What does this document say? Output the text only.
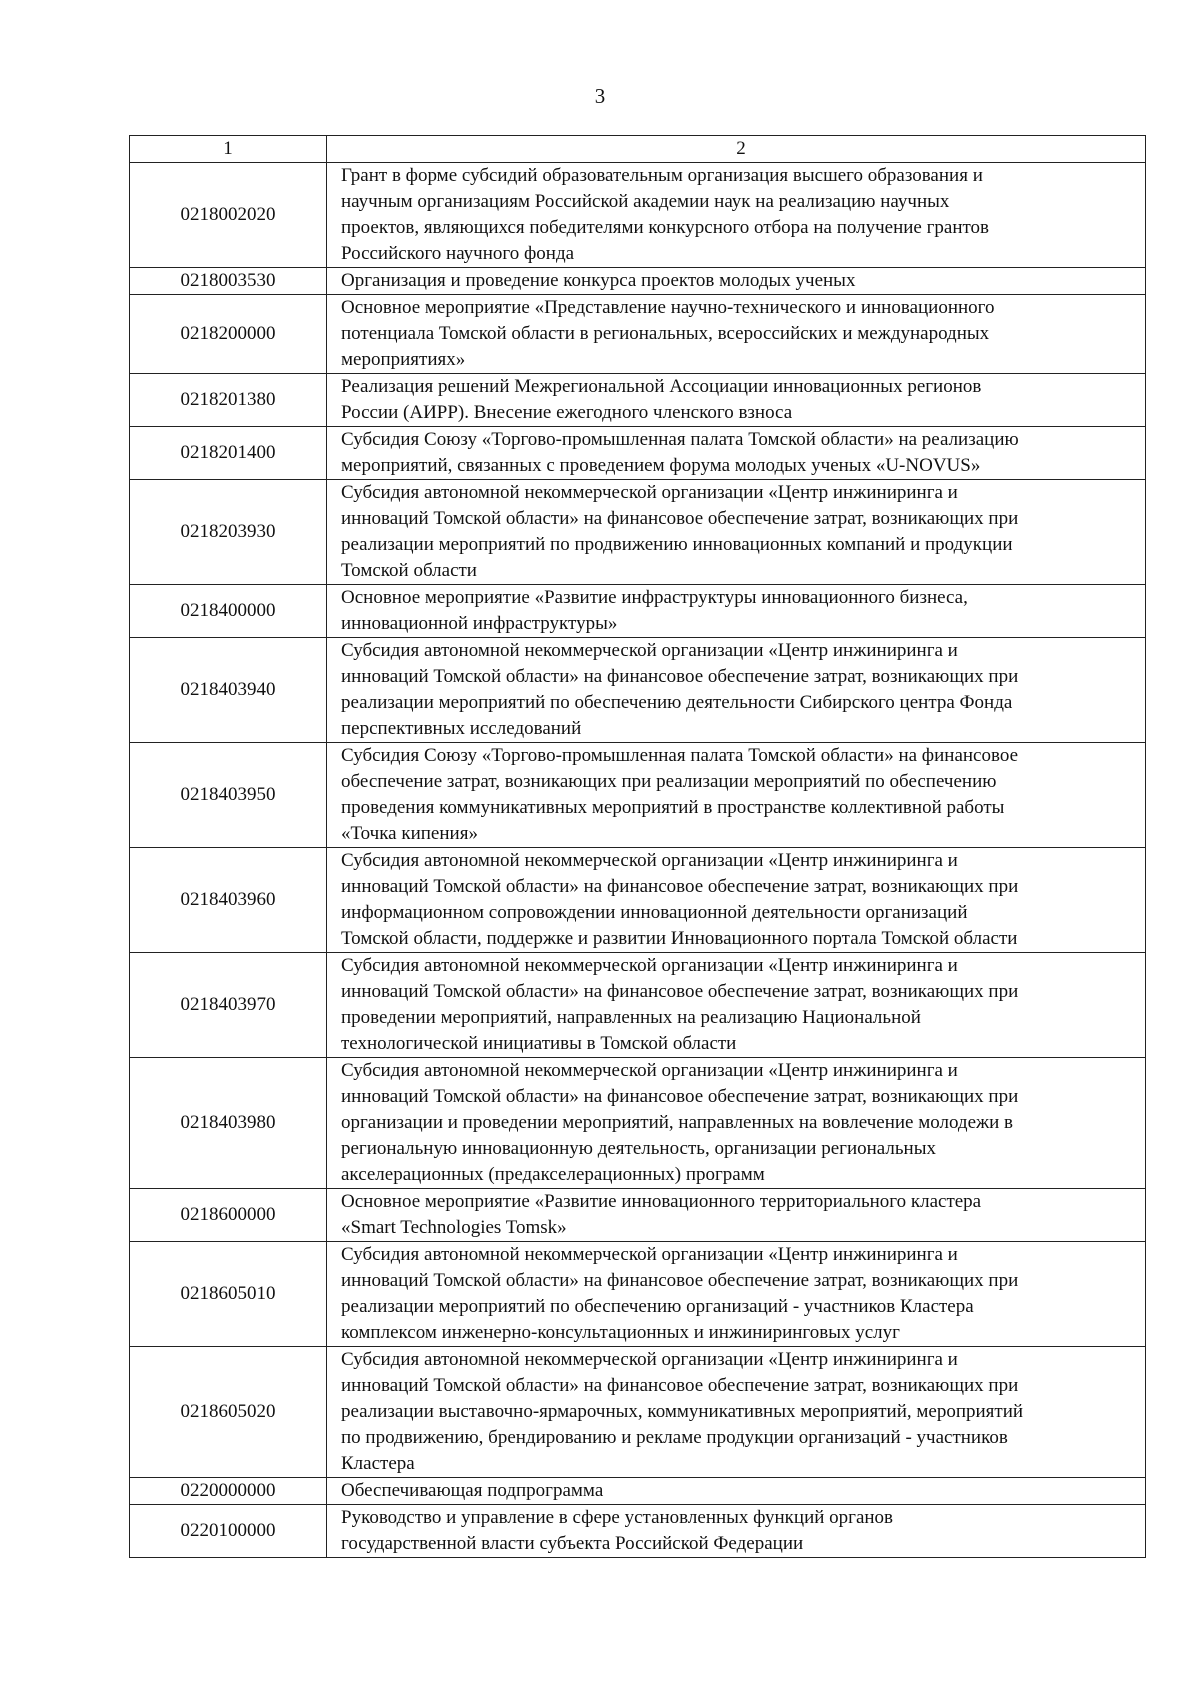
3
1	2
0218002020	Грант в форме субсидий образовательным организация высшего образования и
научным организациям Российской академии наук на реализацию научных
проектов, являющихся победителями конкурсного отбора на получение грантов
Российского научного фонда

0218003530	Организация и проведение конкурса проектов молодых ученых

0218200000	Основное мероприятие «Представление научно-технического и инновационного
потенциала Томской области в региональных, всероссийских и международных
мероприятиях»

0218201380	Реализация решений Межрегиональной Ассоциации инновационных регионов
России (АИРР). Внесение ежегодного членского взноса

0218201400	Субсидия Союзу «Торгово-промышленная палата Томской области» на реализацию
мероприятий, связанных с проведением форума молодых ученых «U-NOVUS»

0218203930	Субсидия автономной некоммерческой организации «Центр инжиниринга и
инноваций Томской области» на финансовое обеспечение затрат, возникающих при
реализации мероприятий по продвижению инновационных компаний и продукции
Томской области

0218400000	Основное мероприятие «Развитие инфраструктуры инновационного бизнеса,
инновационной инфраструктуры»

0218403940	Субсидия автономной некоммерческой организации «Центр инжиниринга и
инноваций Томской области» на финансовое обеспечение затрат, возникающих при
реализации мероприятий по обеспечению деятельности Сибирского центра Фонда
перспективных исследований

0218403950	Субсидия Союзу «Торгово-промышленная палата Томской области» на финансовое
обеспечение затрат, возникающих при реализации мероприятий по обеспечению
проведения коммуникативных мероприятий в пространстве коллективной работы
«Точка кипения»

0218403960	Субсидия автономной некоммерческой организации «Центр инжиниринга и
инноваций Томской области» на финансовое обеспечение затрат, возникающих при
информационном сопровождении инновационной деятельности организаций
Томской области, поддержке и развитии Инновационного портала Томской области

0218403970	Субсидия автономной некоммерческой организации «Центр инжиниринга и
инноваций Томской области» на финансовое обеспечение затрат, возникающих при
проведении мероприятий, направленных на реализацию Национальной
технологической инициативы в Томской области

0218403980	Субсидия автономной некоммерческой организации «Центр инжиниринга и
инноваций Томской области» на финансовое обеспечение затрат, возникающих при
организации и проведении мероприятий, направленных на вовлечение молодежи в
региональную инновационную деятельность, организации региональных
акселерационных (предакселерационных) программ

0218600000	Основное мероприятие «Развитие инновационного территориального кластера
«Smart Technologies Tomsk»

0218605010	Субсидия автономной некоммерческой организации «Центр инжиниринга и
инноваций Томской области» на финансовое обеспечение затрат, возникающих при
реализации мероприятий по обеспечению организаций - участников Кластера
комплексом инженерно-консультационных и инжиниринговых услуг

0218605020	Субсидия автономной некоммерческой организации «Центр инжиниринга и
инноваций Томской области» на финансовое обеспечение затрат, возникающих при
реализации выставочно-ярмарочных, коммуникативных мероприятий, мероприятий
по продвижению, брендированию и рекламе продукции организаций - участников
Кластера

0220000000	Обеспечивающая подпрограмма

0220100000	Руководство и управление в сфере установленных функций органов
государственной власти субъекта Российской Федерации
